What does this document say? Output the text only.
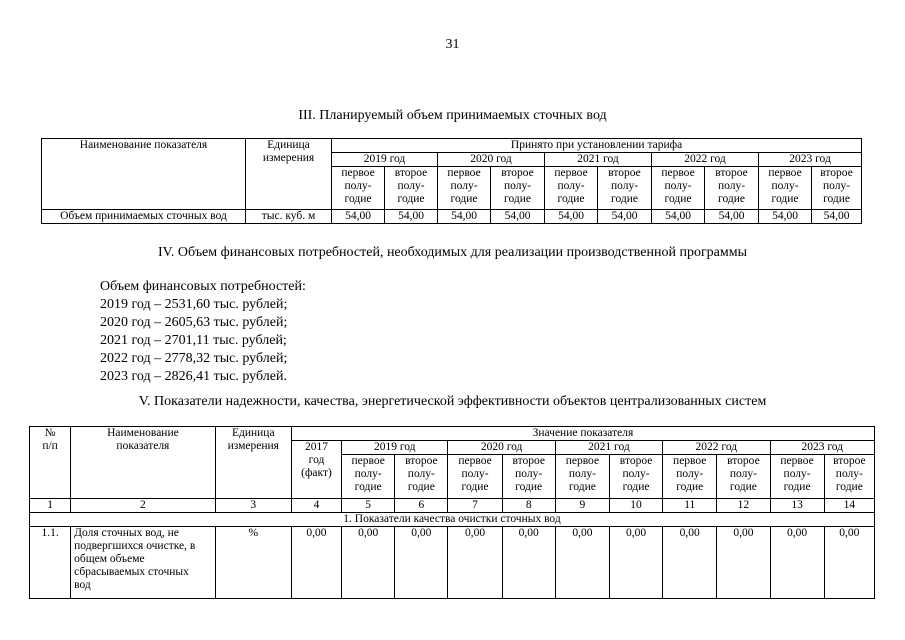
31
III. Планируемый объем принимаемых сточных вод
Наименование показателя	Единица
измерения	Принято при установлении тарифа									
		2019 год		2020 год		2021 год		2022 год		2023 год	

		первое
полу-
годие	второе
полу-
годие	первое
полу-
годие	второе
полу-
годие	первое
полу-
годие	второе
полу-
годие	первое
полу-
годие	второе
полу-
годие	первое
полу-
годие	второе
полу-
годие

Объем принимаемых сточных вод	тыс. куб. м	54,00	54,00	54,00	54,00	54,00	54,00	54,00	54,00	54,00	54,00
IV. Объем финансовых потребностей, необходимых для реализации производственной программы
Объем финансовых потребностей:
2019 год – 2531,60 тыс. рублей;
2020 год – 2605,63 тыс. рублей;
2021 год – 2701,11 тыс. рублей;
2022 год – 2778,32 тыс. рублей;
2023 год – 2826,41 тыс. рублей.
V. Показатели надежности, качества, энергетической эффективности объектов централизованных систем
№
п/п	Наименование
показателя	Единица
измерения	Значение показателя										

			2017
год
(факт)	2019 год		2020 год		2021 год		2022 год		2023 год	

				первое
полу-
годие	второе
полу-
годие	первое
полу-
годие	второе
полу-
годие	первое
полу-
годие	второе
полу-
годие	первое
полу-
годие	второе
полу-
годие	первое
полу-
годие	второе
полу-
годие

1	2	3	4	5	6	7	8	9	10	11	12	13	14
1. Показатели качества очистки сточных вод													
1.1.	Доля сточных вод, не
подвергшихся очистке, в
общем объеме
сбрасываемых сточных
вод	%	0,00	0,00	0,00	0,00	0,00	0,00	0,00	0,00	0,00	0,00	0,00
